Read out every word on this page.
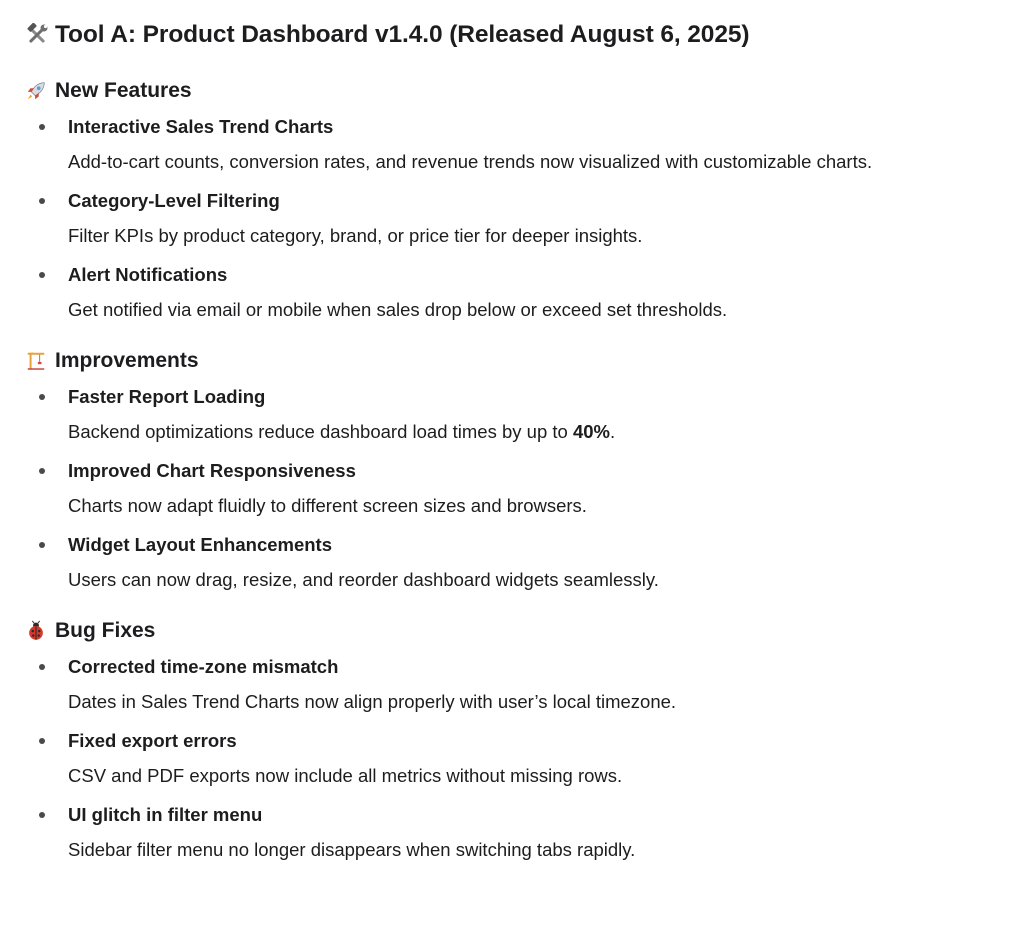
Tool A: Product Dashboard v1.4.0 (Released August 6, 2025)
New Features
Interactive Sales Trend Charts
Add-to-cart counts, conversion rates, and revenue trends now visualized with customizable charts.
Category-Level Filtering
Filter KPIs by product category, brand, or price tier for deeper insights.
Alert Notifications
Get notified via email or mobile when sales drop below or exceed set thresholds.
Improvements
Faster Report Loading
Backend optimizations reduce dashboard load times by up to 40%.
Improved Chart Responsiveness
Charts now adapt fluidly to different screen sizes and browsers.
Widget Layout Enhancements
Users can now drag, resize, and reorder dashboard widgets seamlessly.
Bug Fixes
Corrected time-zone mismatch
Dates in Sales Trend Charts now align properly with user’s local timezone.
Fixed export errors
CSV and PDF exports now include all metrics without missing rows.
UI glitch in filter menu
Sidebar filter menu no longer disappears when switching tabs rapidly.
